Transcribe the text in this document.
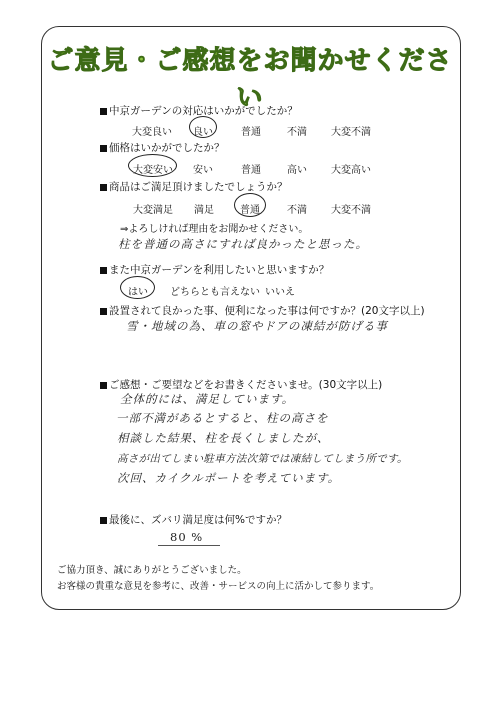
ご意見・ご感想をお聞かせください
中京ガーデンの対応はいかがでしたか？
大変良い 良い	普通	不満 大変不満
価格はいかがでしたか？
大変安い 安い	普通	高い 大変高い
商品はご満足頂けましたでしょうか？
大変満足 満足	普通	不満 大変不満
⇒よろしければ理由をお聞かせください。
柱を普通の高さにすれば良かったと思った。
また中京ガーデンを利用したいと思いますか？
はい どちらとも言えない いいえ
設置されて良かった事、便利になった事は何ですか？(20文字以上)
雪・地域の為、車の窓やドアの凍結が防げる事
ご感想・ご要望などをお書きくださいませ。(30文字以上)
全体的には、満足しています。
一部不満があるとすると、柱の高さを
相談した結果、柱を長くしましたが、
高さが出てしまい駐車方法次第では凍結してしまう所です。
次回、カイクルポートを考えています。
最後に、ズバリ満足度は何%ですか？
80 %
ご協力頂き、誠にありがとうございました。
お客様の貴重な意見を参考に、改善・サービスの向上に活かして参ります。
